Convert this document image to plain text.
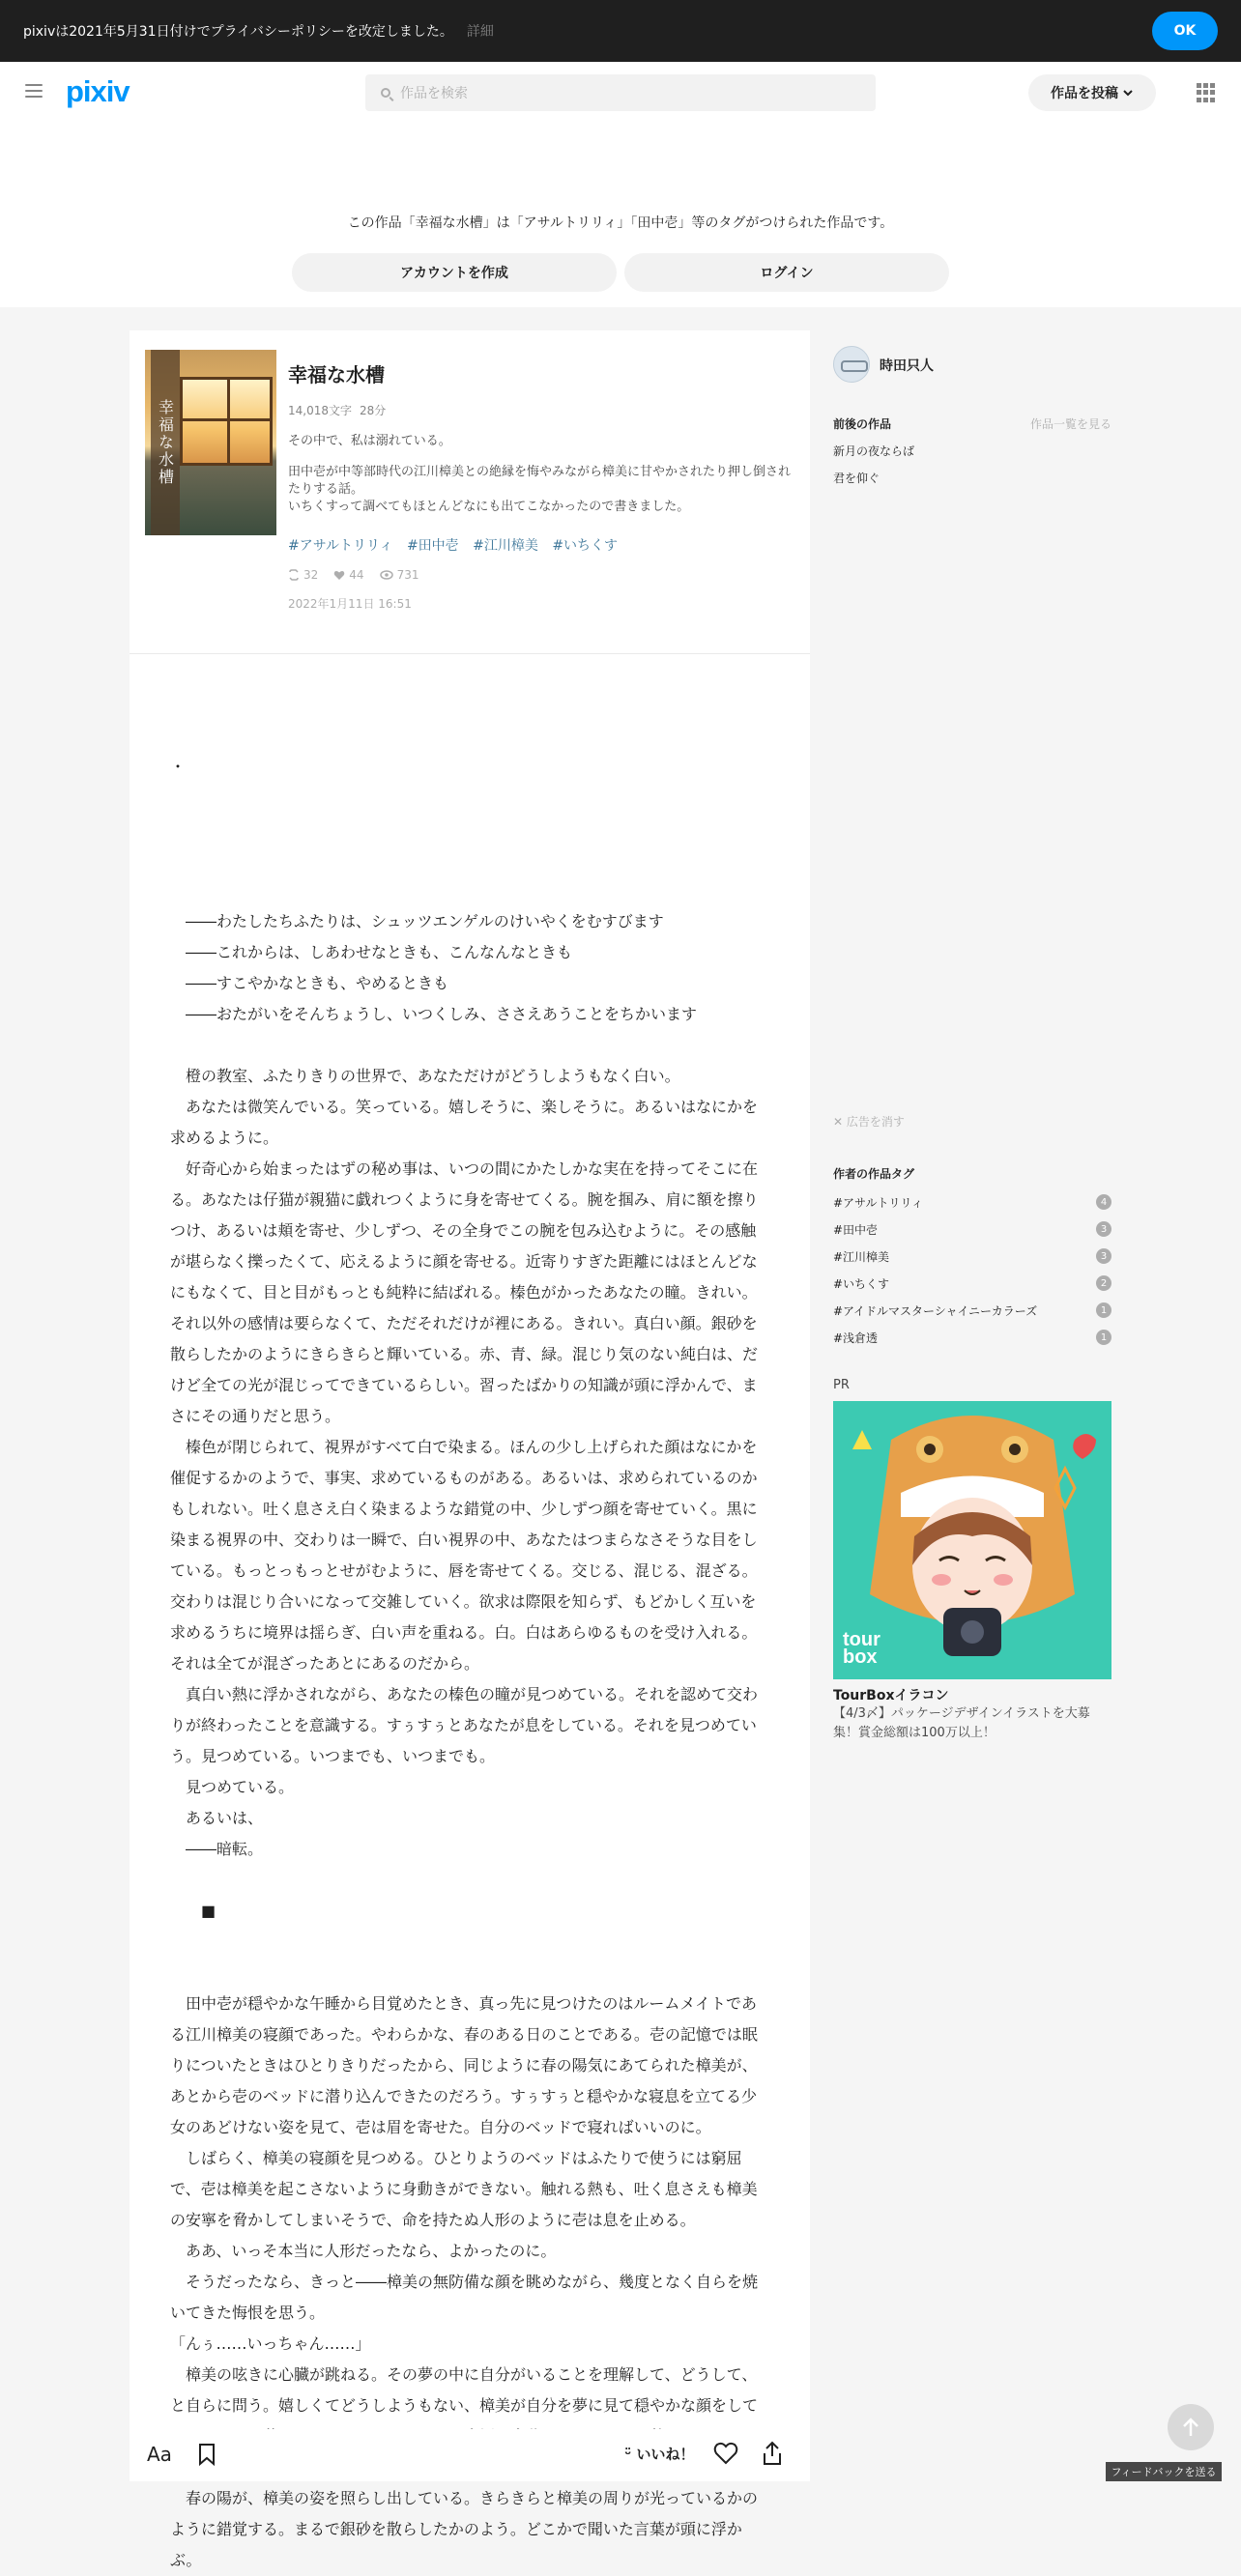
pixivは2021年5月31日付けでプライバシーポリシーを改定しました。 詳細	OK
pixiv	作品を検索	作品を投稿
この作品「幸福な水槽」は「アサルトリリィ」「田中壱」等のタグがつけられた作品です。
アカウントを作成	ログイン
幸福な水槽
幸福な水槽
14,018文字 28分

その中で、私は溺れている。

田中壱が中等部時代の江川樟美との絶縁を悔やみながら樟美に甘やかされたり押し倒されたりする話。
いちくすって調べてもほとんどなにも出てこなかったので書きました。

#アサルトリリィ #田中壱 #江川樟美 #いちくす
32	44	731
2022年1月11日 16:51

・

　――わたしたちふたりは、シュッツエンゲルのけいやくをむすびます

　――これからは、しあわせなときも、こんなんなときも

　――すこやかなときも、やめるときも

　――おたがいをそんちょうし、いつくしみ、ささえあうことをちかいます

　橙の教室、ふたりきりの世界で、あなただけがどうしようもなく白い。

　あなたは微笑んでいる。笑っている。嬉しそうに、楽しそうに。あるいはなにかを求めるように。

　好奇心から始まったはずの秘め事は、いつの間にかたしかな実在を持ってそこに在る。あなたは仔猫が親猫に戯れつくように身を寄せてくる。腕を掴み、肩に額を擦りつけ、あるいは頬を寄せ、少しずつ、その全身でこの腕を包み込むように。その感触が堪らなく擽ったくて、応えるように顔を寄せる。近寄りすぎた距離にはほとんどなにもなくて、目と目がもっとも純粋に結ばれる。榛色がかったあなたの瞳。きれい。それ以外の感情は要らなくて、ただそれだけが裡にある。きれい。真白い顔。銀砂を散らしたかのようにきらきらと輝いている。赤、青、緑。混じり気のない純白は、だけど全ての光が混じってできているらしい。習ったばかりの知識が頭に浮かんで、まさにその通りだと思う。

　榛色が閉じられて、視界がすべて白で染まる。ほんの少し上げられた顔はなにかを催促するかのようで、事実、求めているものがある。あるいは、求められているのかもしれない。吐く息さえ白く染まるような錯覚の中、少しずつ顔を寄せていく。黒に染まる視界の中、交わりは一瞬で、白い視界の中、あなたはつまらなさそうな目をしている。もっとっもっとせがむように、唇を寄せてくる。交じる、混じる、混ざる。交わりは混じり合いになって交雑していく。欲求は際限を知らず、もどかしく互いを求めるうちに境界は揺らぎ、白い声を重ねる。白。白はあらゆるものを受け入れる。それは全てが混ざったあとにあるのだから。

　真白い熱に浮かされながら、あなたの榛色の瞳が見つめている。それを認めて交わりが終わったことを意識する。すぅすぅとあなたが息をしている。それを見つめていう。見つめている。いつまでも、いつまでも。

　見つめている。

　あるいは、

　――暗転。

　　■

　田中壱が穏やかな午睡から目覚めたとき、真っ先に見つけたのはルームメイトである江川樟美の寝顔であった。やわらかな、春のある日のことである。壱の記憶では眠りについたときはひとりきりだったから、同じように春の陽気にあてられた樟美が、あとから壱のベッドに潜り込んできたのだろう。すぅすぅと穏やかな寝息を立てる少女のあどけない姿を見て、壱は眉を寄せた。自分のベッドで寝ればいいのに。

　しばらく、樟美の寝顔を見つめる。ひとりようのベッドはふたりで使うには窮屈で、壱は樟美を起こさないように身動きができない。触れる熱も、吐く息さえも樟美の安寧を脅かしてしまいそうで、命を持たぬ人形のように壱は息を止める。

　ああ、いっそ本当に人形だったなら、よかったのに。

　そうだったなら、きっと――樟美の無防備な顔を眺めながら、幾度となく自らを焼いてきた悔恨を思う。

「んぅ……いっちゃん……」

　樟美の呟きに心臓が跳ねる。その夢の中に自分がいることを理解して、どうして、と自らに問う。嬉しくてどうしようもない、樟美が自分を夢に見て穏やかな顔をして

　春の陽が、樟美の姿を照らし出している。きらきらと樟美の周りが光っているかのように錯覚する。まるで銀砂を散らしたかのよう。どこかで聞いた言葉が頭に浮かぶ。

Aa	ᵕ̈ いいね！
時田只人
前後の作品	作品一覧を見る
新月の夜ならば
君を仰ぐ
✕ 広告を消す
作者の作品タグ
#アサルトリリィ	4
#田中壱	3
#江川樟美	3
#いちくす	2
#アイドルマスターシャイニーカラーズ	1
#浅倉透	1
PR
tour
box
TourBoxイラコン
【4/3〆】パッケージデザインイラストを大募集！賞金総額は100万以上！
フィードバックを送る
